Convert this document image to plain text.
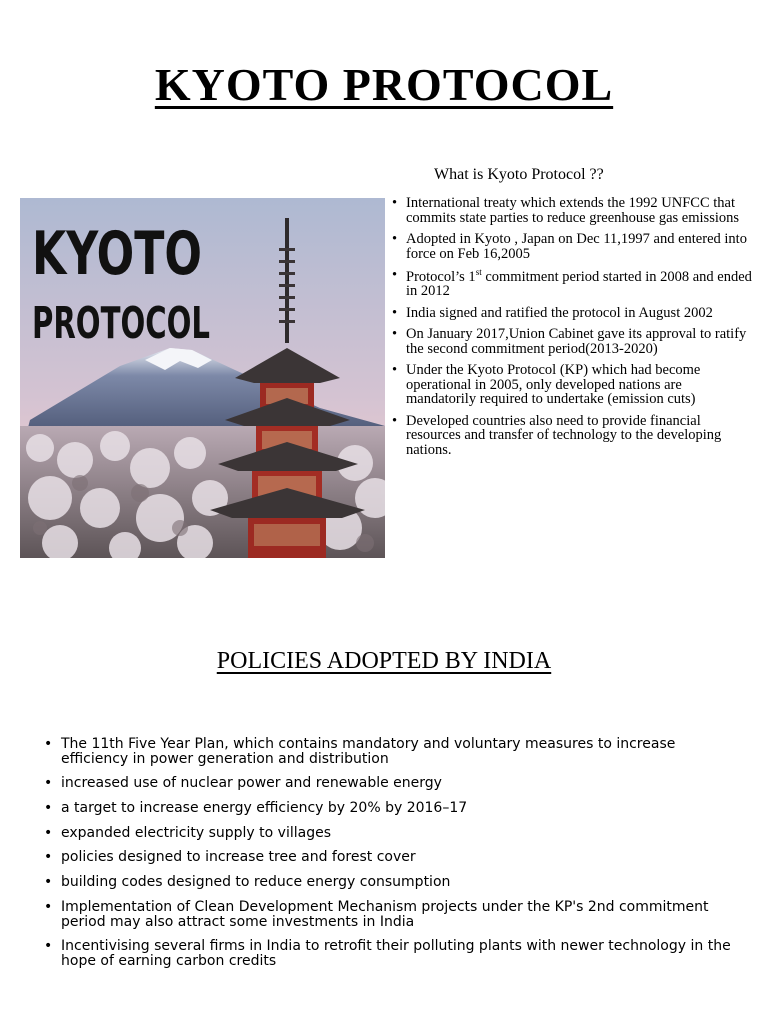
KYOTO PROTOCOL
What is Kyoto Protocol ??
KYOTO
PROTOCOL
• International treaty which extends the 1992 UNFCC that commits state parties to reduce greenhouse gas emissions
• Adopted in Kyoto , Japan on Dec 11,1997 and entered into force on Feb 16,2005
• Protocol’s 1st commitment period started in 2008 and ended in 2012
• India signed and ratified the protocol in August 2002
• On January 2017,Union Cabinet gave its approval to ratify the second commitment period(2013-2020)
• Under the Kyoto Protocol (KP) which had become operational in 2005, only developed nations are mandatorily required to undertake (emission cuts)
• Developed countries also need to provide financial resources and transfer of technology to the developing nations.
POLICIES ADOPTED BY INDIA
• The 11th Five Year Plan, which contains mandatory and voluntary measures to increase efficiency in power generation and distribution
• increased use of nuclear power and renewable energy
• a target to increase energy efficiency by 20% by 2016–17
• expanded electricity supply to villages
• policies designed to increase tree and forest cover
• building codes designed to reduce energy consumption
• Implementation of Clean Development Mechanism projects under the KP's 2nd commitment period may also attract some investments in India
• Incentivising several firms in India to retrofit their polluting plants with newer technology in the hope of earning carbon credits
